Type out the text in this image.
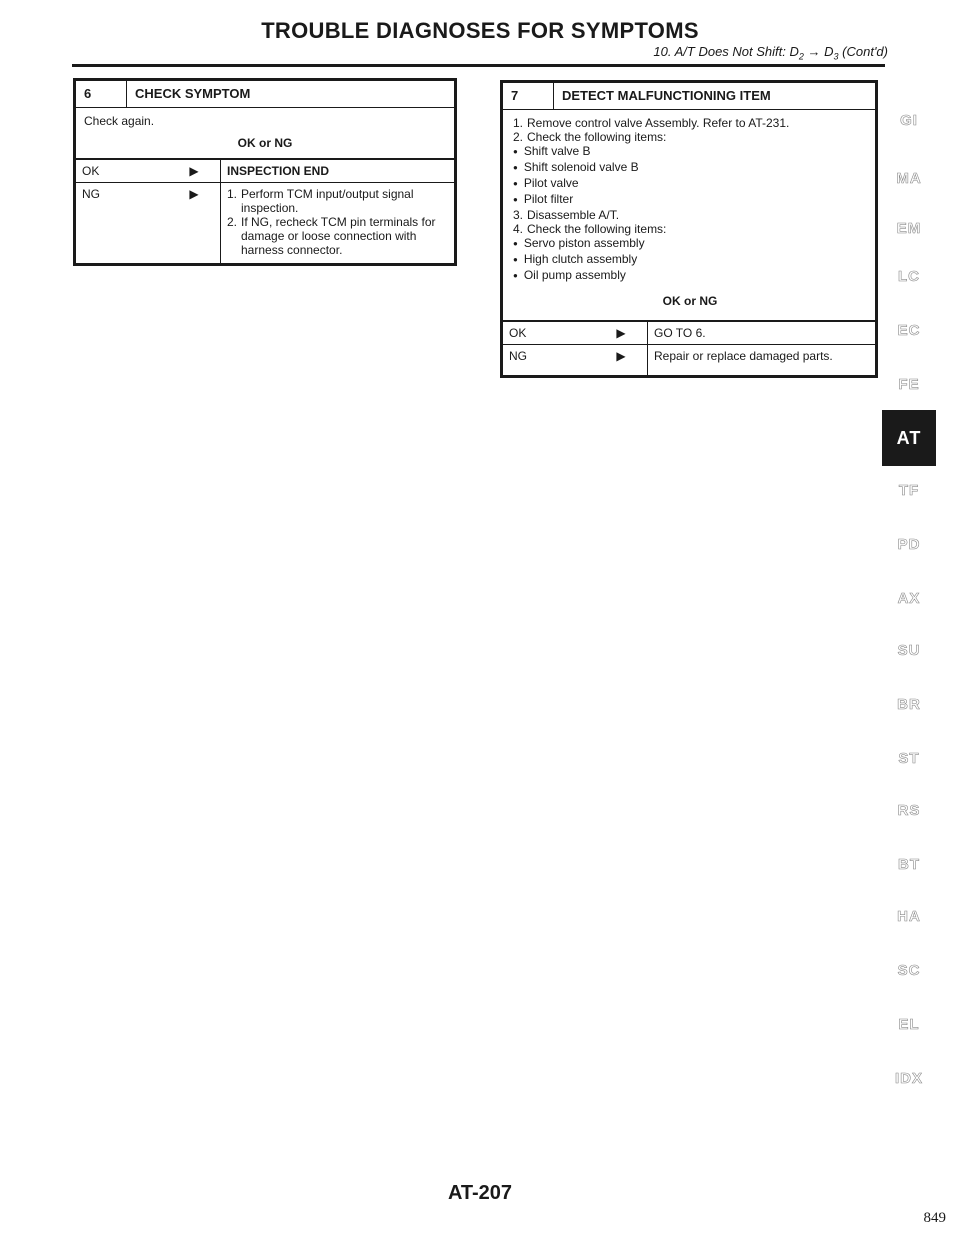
TROUBLE DIAGNOSES FOR SYMPTOMS
10. A/T Does Not Shift: $D_2 \to D_3$ (Cont'd)
6	CHECK SYMPTOM

Check again.
OK or NG
OK	▶	INSPECTION END
NG	▶	1. Perform TCM input/output signal inspection.
2. If NG, recheck TCM pin terminals for damage or loose connection with harness connector.
7	DETECT MALFUNCTIONING ITEM

1. Remove control valve Assembly. Refer to AT-231.
2. Check the following items:
● Shift valve B
● Shift solenoid valve B
● Pilot valve
● Pilot filter
3. Disassemble A/T.
4. Check the following items:
● Servo piston assembly
● High clutch assembly
● Oil pump assembly
OK or NG
OK	▶	GO TO 6.
NG	▶	Repair or replace damaged parts.
GI
MA
EM
LC
EC
FE
AT
TF
PD
AX
SU
BR
ST
RS
BT
HA
SC
EL
IDX
AT-207
849
